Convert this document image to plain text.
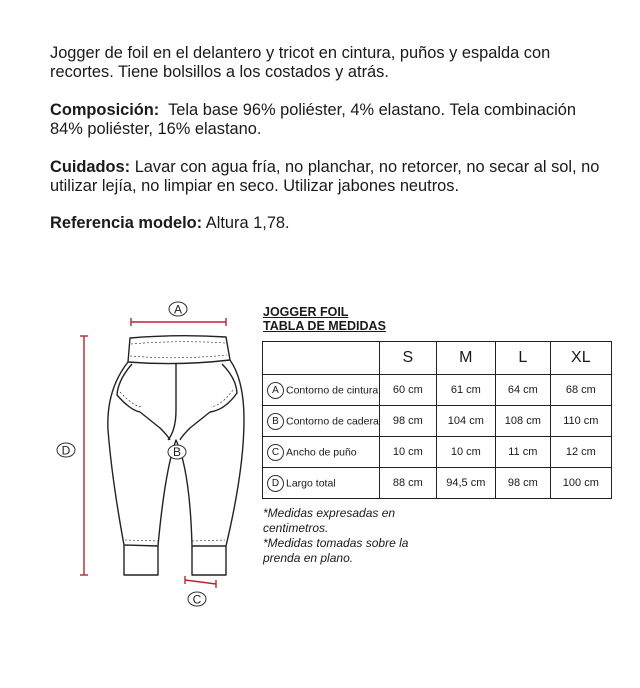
Jogger de foil en el delantero y tricot en cintura, puños y espalda con recortes. Tiene bolsillos a los costados y atrás.
Composición:  Tela base 96% poliéster, 4% elastano. Tela combinación 84% poliéster, 16% elastano.
Cuidados: Lavar con agua fría, no planchar, no retorcer, no secar al sol, no utilizar lejía, no limpiar en seco. Utilizar jabones neutros.
Referencia modelo: Altura 1,78.
A
B
C
D
JOGGER FOIL
TABLA DE MEDIDAS
	S	M	L	XL
A Contorno de cintura	60 cm	61 cm	64 cm	68 cm
B Contorno de cadera	98 cm	104 cm	108 cm	110 cm
C Ancho de puño	10 cm	10 cm	11 cm	12 cm
D Largo total	88 cm	94,5 cm	98 cm	100 cm
*Medidas expresadas en centimetros.
*Medidas tomadas sobre la prenda en plano.
